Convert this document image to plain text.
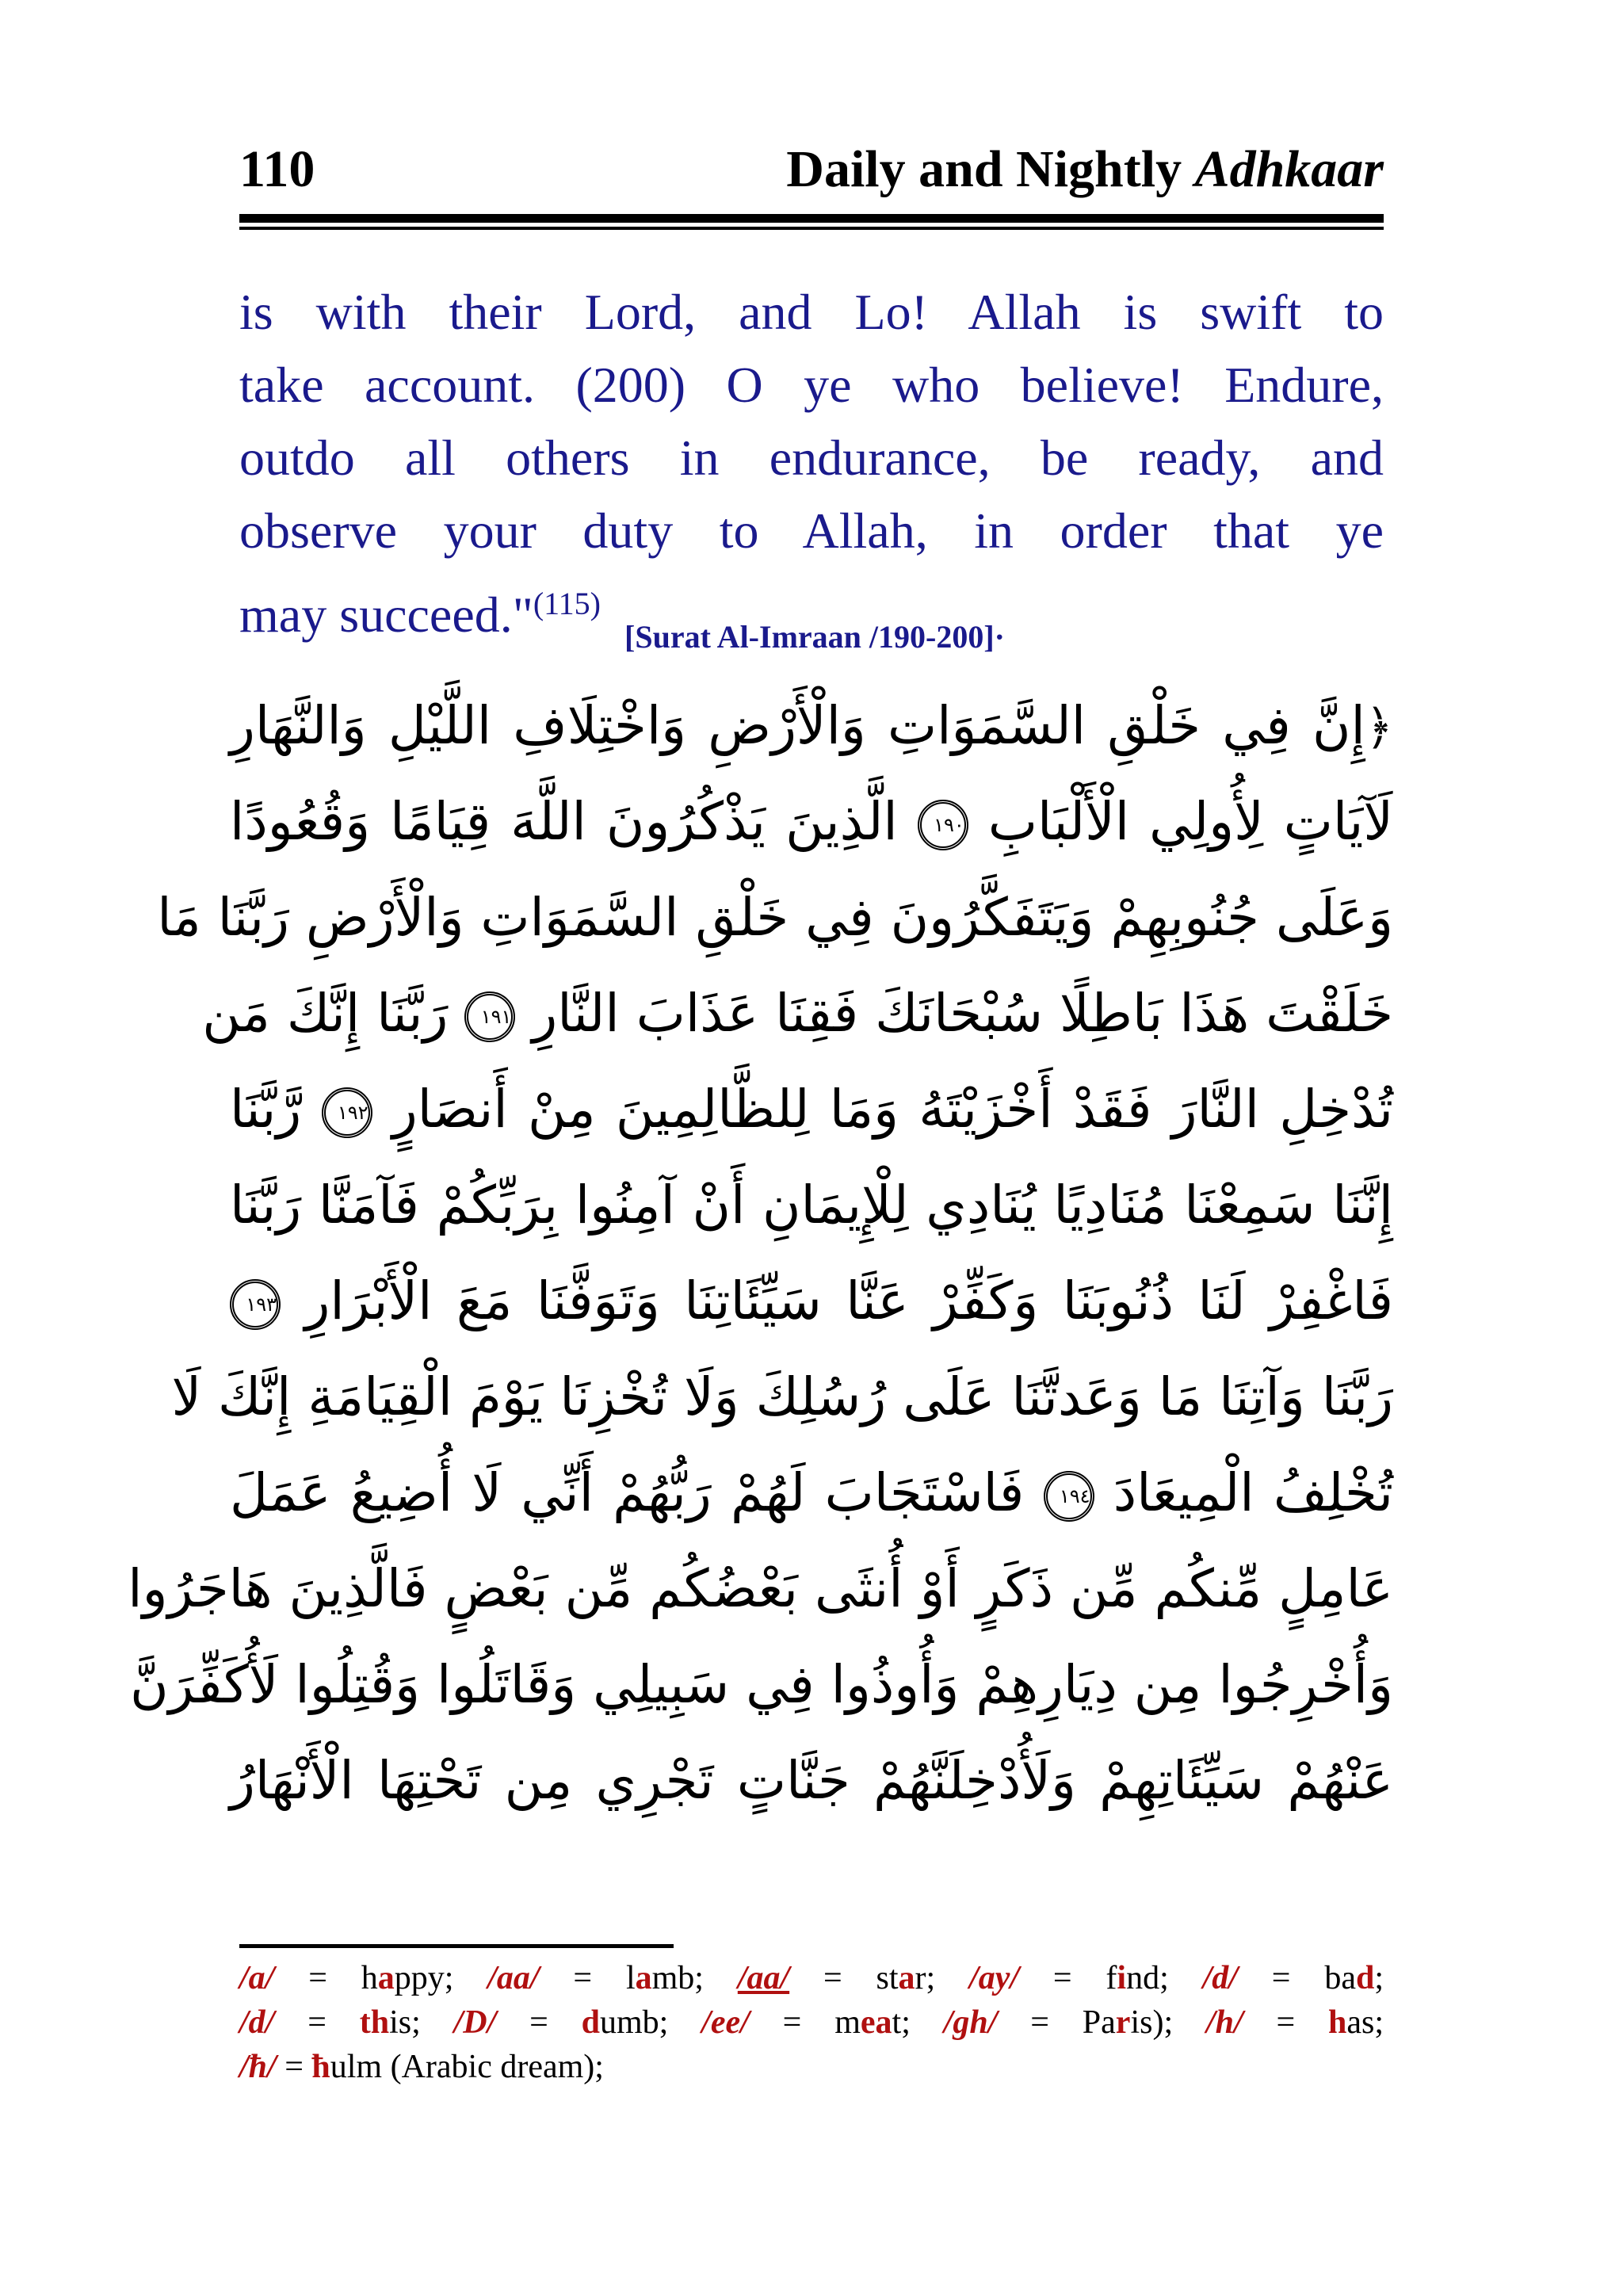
110	Daily and Nightly Adhkaar
is with their Lord, and Lo! Allah is swift to
take account. (200) O ye who believe! Endure,
outdo all others in endurance, be ready, and
observe your duty to Allah, in order that ye
may succeed."$^{(115)}_{[Surat Al-Imraan /190-200]\cdot}$
﴿إِنَّ فِي خَلْقِ السَّمَوَاتِ وَالْأَرْضِ وَاخْتِلَافِ اللَّيْلِ وَالنَّهَارِ
لَآيَاتٍ لِأُولِي الْأَلْبَابِ ١٩٠ الَّذِينَ يَذْكُرُونَ اللَّهَ قِيَامًا وَقُعُودًا
وَعَلَى جُنُوبِهِمْ وَيَتَفَكَّرُونَ فِي خَلْقِ السَّمَوَاتِ وَالْأَرْضِ رَبَّنَا مَا
خَلَقْتَ هَذَا بَاطِلًا سُبْحَانَكَ فَقِنَا عَذَابَ النَّارِ ١٩١ رَبَّنَا إِنَّكَ مَن
تُدْخِلِ النَّارَ فَقَدْ أَخْزَيْتَهُ وَمَا لِلظَّالِمِينَ مِنْ أَنصَارٍ ١٩٢ رَّبَّنَا
إِنَّنَا سَمِعْنَا مُنَادِيًا يُنَادِي لِلْإِيمَانِ أَنْ آمِنُوا بِرَبِّكُمْ فَآمَنَّا رَبَّنَا
فَاغْفِرْ لَنَا ذُنُوبَنَا وَكَفِّرْ عَنَّا سَيِّئَاتِنَا وَتَوَفَّنَا مَعَ الْأَبْرَارِ ١٩٣
رَبَّنَا وَآتِنَا مَا وَعَدتَّنَا عَلَى رُسُلِكَ وَلَا تُخْزِنَا يَوْمَ الْقِيَامَةِ إِنَّكَ لَا
تُخْلِفُ الْمِيعَادَ ١٩٤ فَاسْتَجَابَ لَهُمْ رَبُّهُمْ أَنِّي لَا أُضِيعُ عَمَلَ
عَامِلٍ مِّنكُم مِّن ذَكَرٍ أَوْ أُنثَى بَعْضُكُم مِّن بَعْضٍ فَالَّذِينَ هَاجَرُوا
وَأُخْرِجُوا مِن دِيَارِهِمْ وَأُوذُوا فِي سَبِيلِي وَقَاتَلُوا وَقُتِلُوا لَأُكَفِّرَنَّ
عَنْهُمْ سَيِّئَاتِهِمْ وَلَأُدْخِلَنَّهُمْ جَنَّاتٍ تَجْرِي مِن تَحْتِهَا الْأَنْهَارُ
/a/ = happy; /aa/ = lamb; /aa/ = star; /ay/ = find; /d/ = bad;
/d/ = this; /D/ = dumb; /ee/ = meat; /gh/ = Paris); /h/ = has;
/ħ/ = ħulm (Arabic dream);
